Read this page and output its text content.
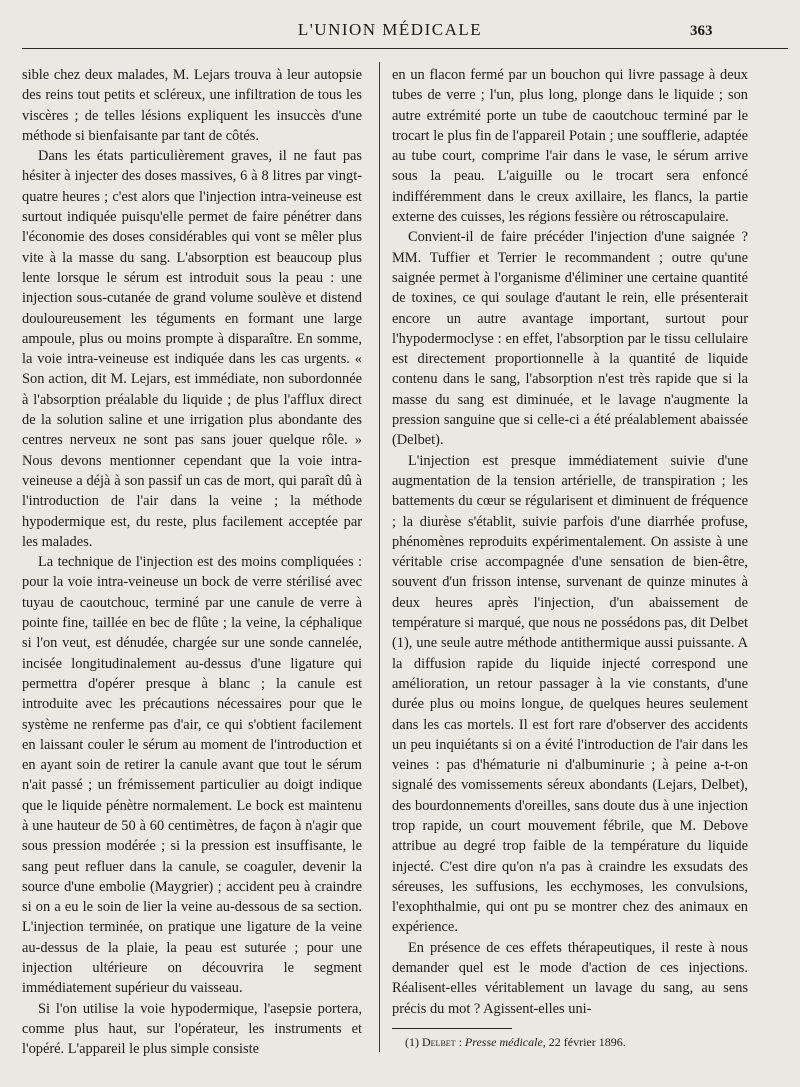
L'UNION MÉDICALE	363

sible chez deux malades, M. Lejars trouva à leur autopsie des reins tout petits et scléreux, une infiltration de tous les viscères ; de telles lésions expliquent les insuccès d'une méthode si bienfaisante par tant de côtés.

Dans les états particulièrement graves, il ne faut pas hésiter à injecter des doses massives, 6 à 8 litres par vingt-quatre heures ; c'est alors que l'injection intra-veineuse est surtout indiquée puisqu'elle permet de faire pénétrer dans l'économie des doses considérables qui vont se mêler plus vite à la masse du sang. L'absorption est beaucoup plus lente lorsque le sérum est introduit sous la peau : une injection sous-cutanée de grand volume soulève et distend douloureusement les téguments en formant une large ampoule, plus ou moins prompte à disparaître. En somme, la voie intra-veineuse est indiquée dans les cas urgents. « Son action, dit M. Lejars, est immédiate, non subordonnée à l'absorption préalable du liquide ; de plus l'afflux direct de la solution saline et une irrigation plus abondante des centres nerveux ne sont pas sans jouer quelque rôle. » Nous devons mentionner cependant que la voie intra-veineuse a déjà à son passif un cas de mort, qui paraît dû à l'introduction de l'air dans la veine ; la méthode hypodermique est, du reste, plus facilement acceptée par les malades.

La technique de l'injection est des moins compliquées : pour la voie intra-veineuse un bock de verre stérilisé avec tuyau de caoutchouc, terminé par une canule de verre à pointe fine, taillée en bec de flûte ; la veine, la céphalique si l'on veut, est dénudée, chargée sur une sonde cannelée, incisée longitudinalement au-dessus d'une ligature qui permettra d'opérer presque à blanc ; la canule est introduite avec les précautions nécessaires pour que le système ne renferme pas d'air, ce qui s'obtient facilement en laissant couler le sérum au moment de l'introduction et en ayant soin de retirer la canule avant que tout le sérum n'ait passé ; un frémissement particulier au doigt indique que le liquide pénètre normalement. Le bock est maintenu à une hauteur de 50 à 60 centimètres, de façon à n'agir que sous pression modérée ; si la pression est insuffisante, le sang peut refluer dans la canule, se coaguler, devenir la source d'une embolie (Maygrier) ; accident peu à craindre si on a eu le soin de lier la veine au-dessous de sa section. L'injection terminée, on pratique une ligature de la veine au-dessus de la plaie, la peau est suturée ; pour une injection ultérieure on découvrira le segment immédiatement supérieur du vaisseau.

Si l'on utilise la voie hypodermique, l'asepsie portera, comme plus haut, sur l'opérateur, les instruments et l'opéré. L'appareil le plus simple consiste

en un flacon fermé par un bouchon qui livre passage à deux tubes de verre ; l'un, plus long, plonge dans le liquide ; son autre extrémité porte un tube de caoutchouc terminé par le trocart le plus fin de l'appareil Potain ; une soufflerie, adaptée au tube court, comprime l'air dans le vase, le sérum arrive sous la peau. L'aiguille ou le trocart sera enfoncé indifféremment dans le creux axillaire, les flancs, la partie externe des cuisses, les régions fessière ou rétroscapulaire.

Convient-il de faire précéder l'injection d'une saignée ? MM. Tuffier et Terrier le recommandent ; outre qu'une saignée permet à l'organisme d'éliminer une certaine quantité de toxines, ce qui soulage d'autant le rein, elle présenterait encore un autre avantage important, surtout pour l'hypodermoclyse : en effet, l'absorption par le tissu cellulaire est directement proportionnelle à la quantité de liquide contenu dans le sang, l'absorption n'est très rapide que si la masse du sang est diminuée, et le lavage n'augmente la pression sanguine que si celle-ci a été préalablement abaissée (Delbet).

L'injection est presque immédiatement suivie d'une augmentation de la tension artérielle, de transpiration ; les battements du cœur se régularisent et diminuent de fréquence ; la diurèse s'établit, suivie parfois d'une diarrhée profuse, phénomènes reproduits expérimentalement. On assiste à une véritable crise accompagnée d'une sensation de bien-être, souvent d'un frisson intense, survenant de quinze minutes à deux heures après l'injection, d'un abaissement de température si marqué, que nous ne possédons pas, dit Delbet (1), une seule autre méthode antithermique aussi puissante. A la diffusion rapide du liquide injecté correspond une amélioration, un retour passager à la vie constants, d'une durée plus ou moins longue, de quelques heures seulement dans les cas mortels. Il est fort rare d'observer des accidents un peu inquiétants si on a évité l'introduction de l'air dans les veines : pas d'hématurie ni d'albuminurie ; à peine a-t-on signalé des vomissements séreux abondants (Lejars, Delbet), des bourdonnements d'oreilles, sans doute dus à une injection trop rapide, un court mouvement fébrile, que M. Debove attribue au degré trop faible de la température du liquide injecté. C'est dire qu'on n'a pas à craindre les exsudats des séreuses, les suffusions, les ecchymoses, les convulsions, l'exophthalmie, qui ont pu se montrer chez des animaux en expérience.

En présence de ces effets thérapeutiques, il reste à nous demander quel est le mode d'action de ces injections. Réalisent-elles véritablement un lavage du sang, au sens précis du mot ? Agissent-elles uni-

(1) Delbet : Presse médicale, 22 février 1896.
